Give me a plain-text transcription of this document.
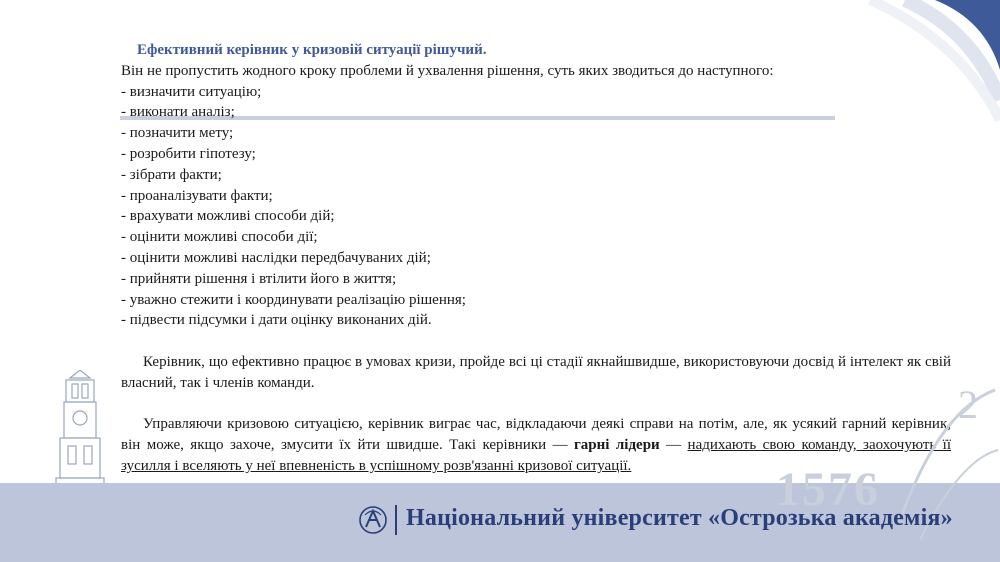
Ефективний керівник у кризовій ситуації рішучий.
Він не пропустить жодного кроку проблеми й ухвалення рішення, суть яких зводиться до наступного:
- визначити ситуацію;
- виконати аналіз;
- позначити мету;
- розробити гіпотезу;
- зібрати факти;
- проаналізувати факти;
- врахувати можливі способи дій;
- оцінити можливі способи дії;
- оцінити можливі наслідки передбачуваних дій;
- прийняти рішення і втілити його в життя;
- уважно стежити і координувати реалізацію рішення;
- підвести підсумки і дати оцінку виконаних дій.
Керівник, що ефективно працює в умовах кризи, пройде всі ці стадії якнайшвидше, використовуючи досвід й інтелект як свій власний, так і членів команди.
Управляючи кризовою ситуацією, керівник виграє час, відкладаючи деякі справи на потім, але, як усякий гарний керівник, він може, якщо захоче, змусити їх йти швидше. Такі керівники — гарні лідери — надихають свою команду, заохочують її зусилля і вселяють у неї впевненість в успішному розв'язанні кризової ситуації.
2
1576
Національний університет «Острозька академія»
